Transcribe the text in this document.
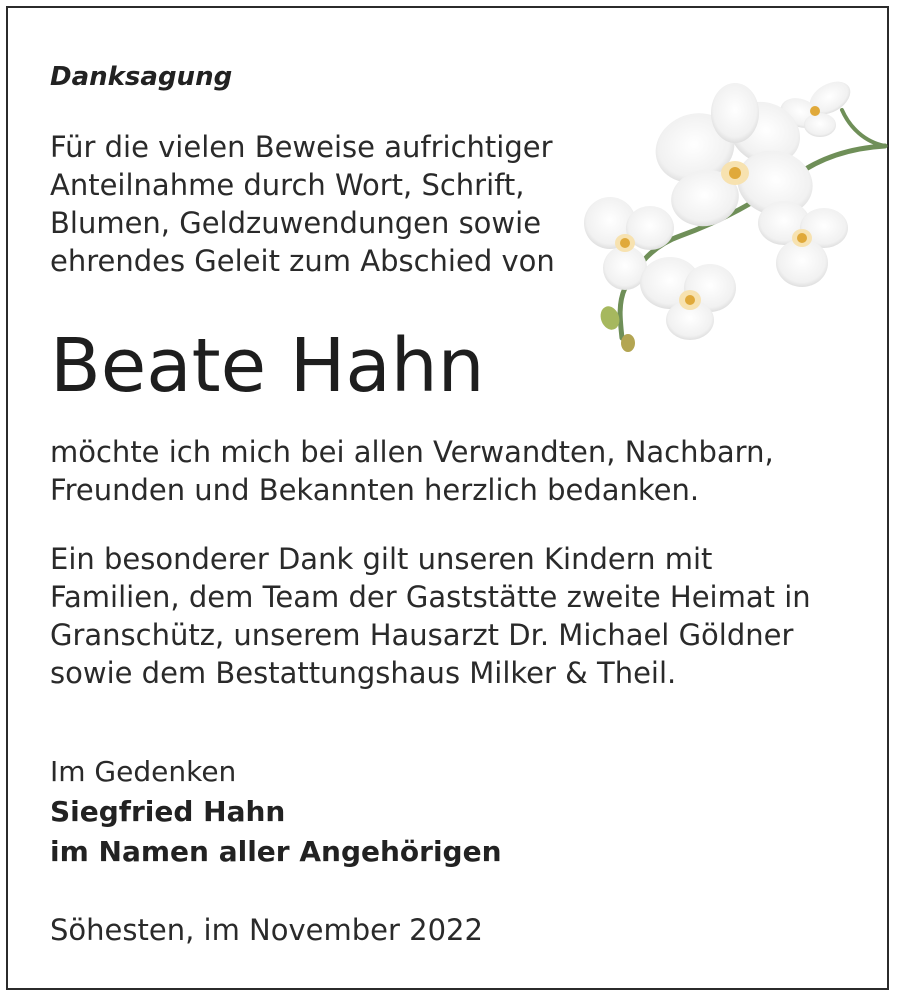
Danksagung
Für die vielen Beweise aufrichtiger
Anteilnahme durch Wort, Schrift,
Blumen, Geldzuwendungen sowie
ehrendes Geleit zum Abschied von
Beate Hahn
möchte ich mich bei allen Verwandten, Nachbarn,
Freunden und Bekannten herzlich bedanken.
Ein besonderer Dank gilt unseren Kindern mit
Familien, dem Team der Gaststätte zweite Heimat in
Granschütz, unserem Hausarzt Dr. Michael Göldner
sowie dem Bestattungshaus Milker & Theil.
Im Gedenken
Siegfried Hahn
im Namen aller Angehörigen
Söhesten, im November 2022
